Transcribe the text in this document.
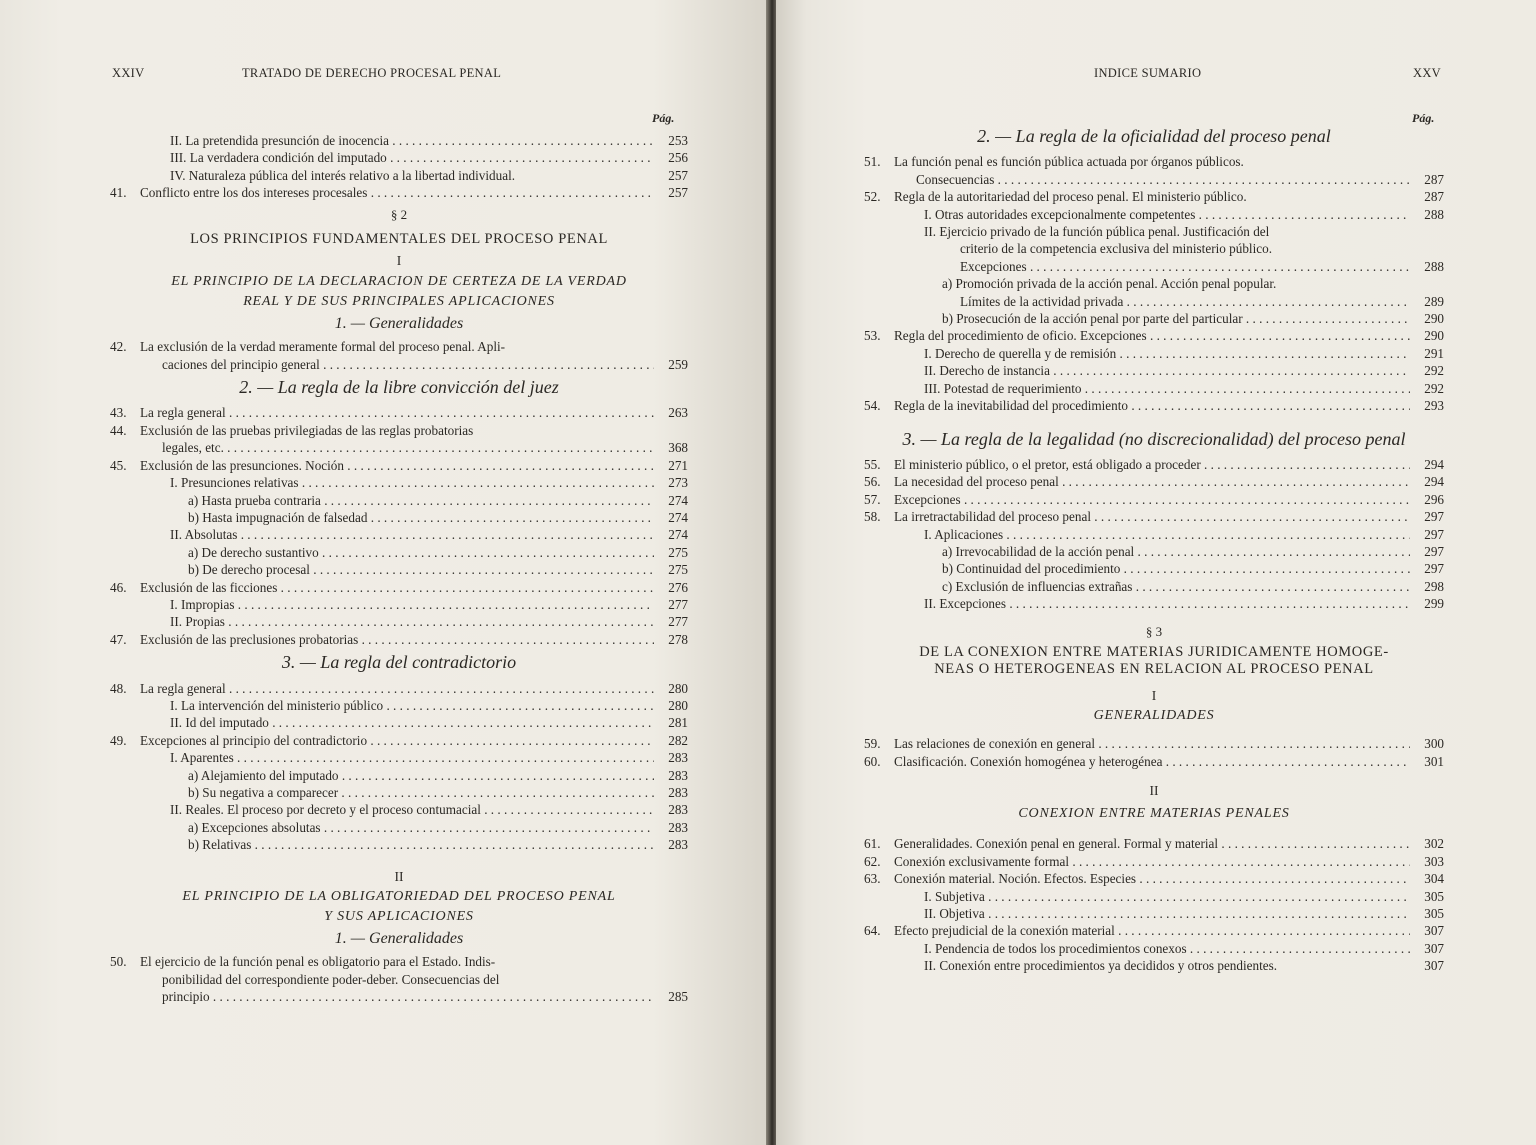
XXIV	TRATADO DE DERECHO PROCESAL PENAL
Pág.
II. La pretendida presunción de inocencia . . .	253
III. La verdadera condición del imputado . . .	256
IV. Naturaleza pública del interés relativo a la libertad individual.	257
41.	Conflicto entre los dos intereses procesales . . .	257
§ 2
LOS PRINCIPIOS FUNDAMENTALES DEL PROCESO PENAL
I
EL PRINCIPIO DE LA DECLARACION DE CERTEZA DE LA VERDAD
REAL Y DE SUS PRINCIPALES APLICACIONES
1. — Generalidades
42.	La exclusión de la verdad meramente formal del proceso penal. Apli-
caciones del principio general . . .	259
2. — La regla de la libre convicción del juez
43.	La regla general . . .	263
44.	Exclusión de las pruebas privilegiadas de las reglas probatorias
legales, etc. . . .	368
45.	Exclusión de las presunciones. Noción . . .	271
I. Presunciones relativas . . .	273
a) Hasta prueba contraria . . .	274
b) Hasta impugnación de falsedad . . .	274
II. Absolutas . . .	274
a) De derecho sustantivo . . .	275
b) De derecho procesal . . .	275
46.	Exclusión de las ficciones . . .	276
I. Impropias . . .	277
II. Propias . . .	277
47.	Exclusión de las preclusiones probatorias . . .	278
3. — La regla del contradictorio
48.	La regla general . . .	280
I. La intervención del ministerio público . . .	280
II. Id del imputado . . .	281
49.	Excepciones al principio del contradictorio . . .	282
I. Aparentes . . .	283
a) Alejamiento del imputado . . .	283
b) Su negativa a comparecer . . .	283
II. Reales. El proceso por decreto y el proceso contumacial . . .	283
a) Excepciones absolutas . . .	283
b) Relativas . . .	283
II
EL PRINCIPIO DE LA OBLIGATORIEDAD DEL PROCESO PENAL
Y SUS APLICACIONES
1. — Generalidades
50.	El ejercicio de la función penal es obligatorio para el Estado. Indis-
ponibilidad del correspondiente poder-deber. Consecuencias del
principio . . .	285
INDICE SUMARIO	XXV
Pág.
2. — La regla de la oficialidad del proceso penal
51.	La función penal es función pública actuada por órganos públicos.
Consecuencias . . .	287
52.	Regla de la autoritariedad del proceso penal. El ministerio público.	287
I. Otras autoridades excepcionalmente competentes . . .	288
II. Ejercicio privado de la función pública penal. Justificación del
criterio de la competencia exclusiva del ministerio público.
Excepciones . . .	288
a) Promoción privada de la acción penal. Acción penal popular.
Límites de la actividad privada . . .	289
b) Prosecución de la acción penal por parte del particular . . .	290
53.	Regla del procedimiento de oficio. Excepciones . . .	290
I. Derecho de querella y de remisión . . .	291
II. Derecho de instancia . . .	292
III. Potestad de requerimiento . . .	292
54.	Regla de la inevitabilidad del procedimiento . . .	293
3. — La regla de la legalidad (no discrecionalidad) del proceso penal
55.	El ministerio público, o el pretor, está obligado a proceder . . .	294
56.	La necesidad del proceso penal . . .	294
57.	Excepciones . . .	296
58.	La irretractabilidad del proceso penal . . .	297
I. Aplicaciones . . .	297
a) Irrevocabilidad de la acción penal . . .	297
b) Continuidad del procedimiento . . .	297
c) Exclusión de influencias extrañas . . .	298
II. Excepciones . . .	299
§ 3
DE LA CONEXION ENTRE MATERIAS JURIDICAMENTE HOMOGE-
NEAS O HETEROGENEAS EN RELACION AL PROCESO PENAL
I
GENERALIDADES
59.	Las relaciones de conexión en general . . .	300
60.	Clasificación. Conexión homogénea y heterogénea . . .	301
II
CONEXION ENTRE MATERIAS PENALES
61.	Generalidades. Conexión penal en general. Formal y material . . .	302
62.	Conexión exclusivamente formal . . .	303
63.	Conexión material. Noción. Efectos. Especies . . .	304
I. Subjetiva . . .	305
II. Objetiva . . .	305
64.	Efecto prejudicial de la conexión material . . .	307
I. Pendencia de todos los procedimientos conexos . . .	307
II. Conexión entre procedimientos ya decididos y otros pendientes.	307
